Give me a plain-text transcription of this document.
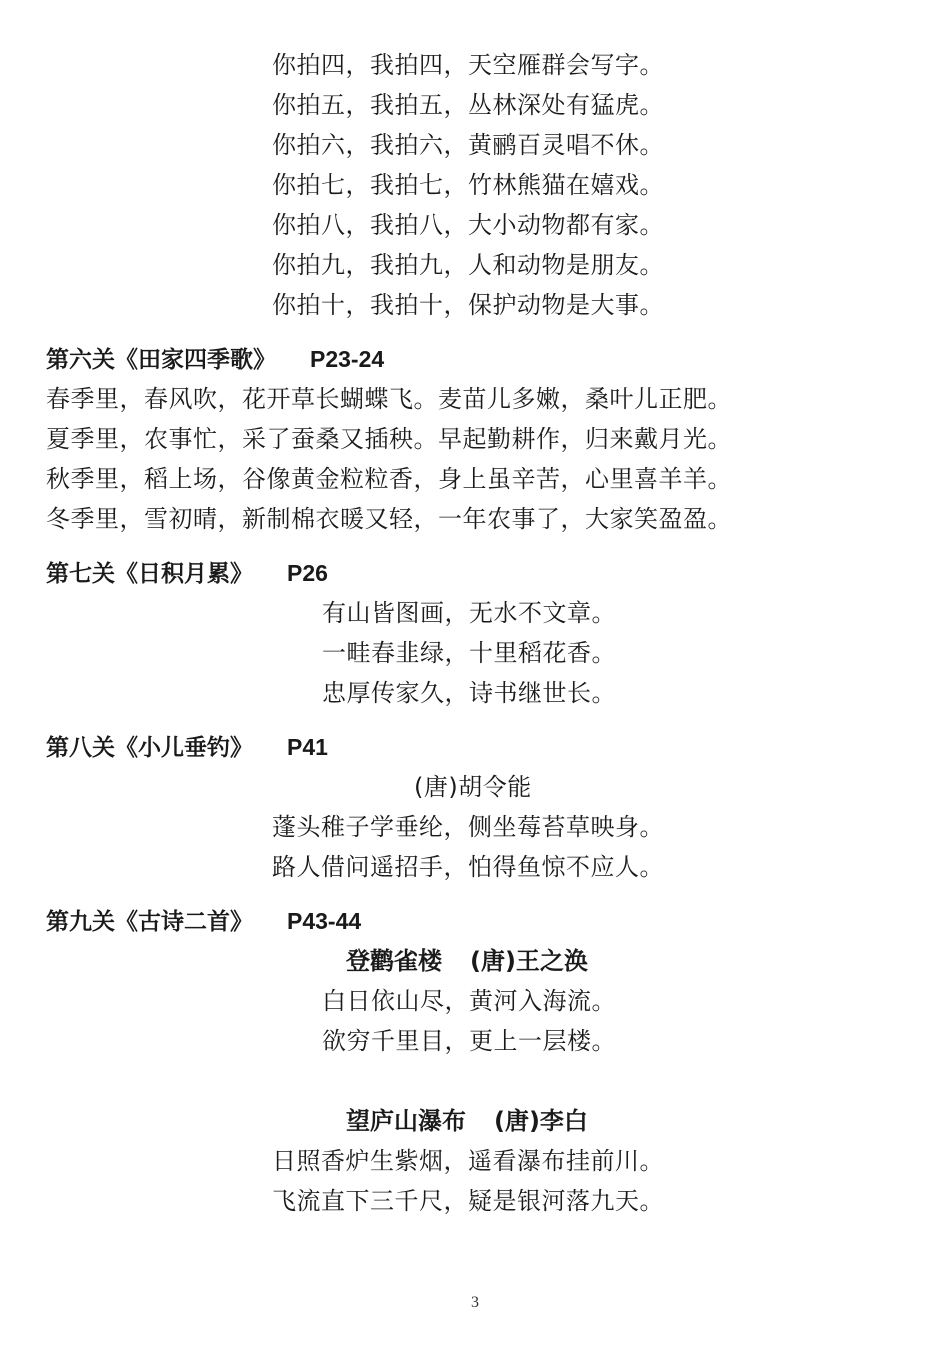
你拍四，我拍四，天空雁群会写字。
你拍五，我拍五，丛林深处有猛虎。
你拍六，我拍六，黄鹂百灵唱不休。
你拍七，我拍七，竹林熊猫在嬉戏。
你拍八，我拍八，大小动物都有家。
你拍九，我拍九，人和动物是朋友。
你拍十，我拍十，保护动物是大事。
第六关《田家四季歌》 P23-24
春季里，春风吹，花开草长蝴蝶飞。麦苗儿多嫩，桑叶儿正肥。
夏季里，农事忙，采了蚕桑又插秧。早起勤耕作，归来戴月光。
秋季里，稻上场，谷像黄金粒粒香，身上虽辛苦，心里喜羊羊。
冬季里，雪初晴，新制棉衣暖又轻，一年农事了，大家笑盈盈。
第七关《日积月累》 P26
有山皆图画，无水不文章。
一畦春韭绿，十里稻花香。
忠厚传家久，诗书继世长。
第八关《小儿垂钓》 P41
(唐)胡令能
蓬头稚子学垂纶，侧坐莓苔草映身。
路人借问遥招手，怕得鱼惊不应人。
第九关《古诗二首》 P43-44
登鹳雀楼 (唐)王之涣
白日依山尽，黄河入海流。
欲穷千里目，更上一层楼。
望庐山瀑布 (唐)李白
日照香炉生紫烟，遥看瀑布挂前川。
飞流直下三千尺，疑是银河落九天。
3
